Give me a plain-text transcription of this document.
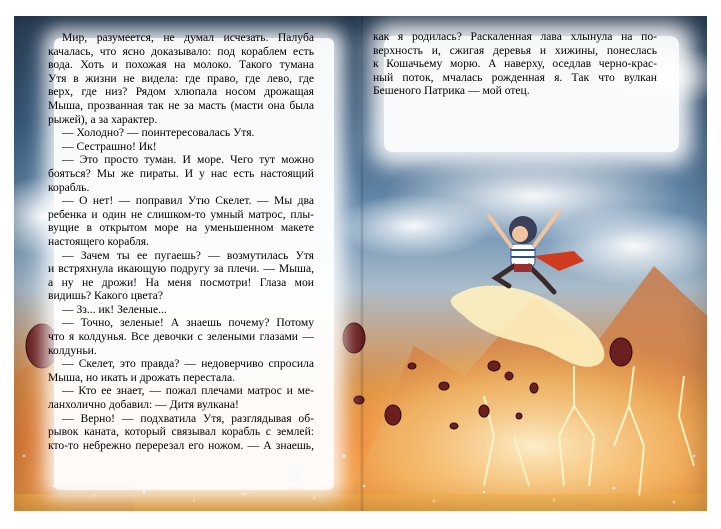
Мир, разумеется, не думал исчезать. Палуба
качалась, что ясно доказывало: под кораблем есть
вода. Хоть и похожая на молоко. Такого тумана
Утя в жизни не видела: где право, где лево, где
верх, где низ? Рядом хлюпала носом дрожащая
Мыша, прозванная так не за масть (масти она была
рыжей), а за характер.
— Холодно? — поинтересовалась Утя.
— Сестрашно! Ик!
— Это просто туман. И море. Чего тут можно
бояться? Мы же пираты. И у нас есть настоящий
корабль.
— О нет! — поправил Утю Скелет. — Мы два
ребенка и один не слишком-то умный матрос, плы-
вущие в открытом море на уменьшенном макете
настоящего корабля.
— Зачем ты ее пугаешь? — возмутилась Утя
и встряхнула икающую подругу за плечи. — Мыша,
а ну не дрожи! На меня посмотри! Глаза мои
видишь? Какого цвета?
— Зз... ик! Зеленые...
— Точно, зеленые! А знаешь почему? Потому
что я колдунья. Все девочки с зелеными глазами —
колдуньи.
— Скелет, это правда? — недоверчиво спросила
Мыша, но икать и дрожать перестала.
— Кто ее знает, — пожал плечами матрос и ме-
ланхолично добавил: — Дитя вулкана!
— Верно! — подхватила Утя, разглядывая об-
рывок каната, который связывал корабль с землей:
кто-то небрежно перерезал его ножом. — А знаешь,
как я родилась? Раскаленная лава хлынула на по-
верхность и, сжигая деревья и хижины, понеслась
к Кошачьему морю. А наверху, оседлав черно-крас-
ный поток, мчалась рожденная я. Так что вулкан
Бешеного Патрика — мой отец.
